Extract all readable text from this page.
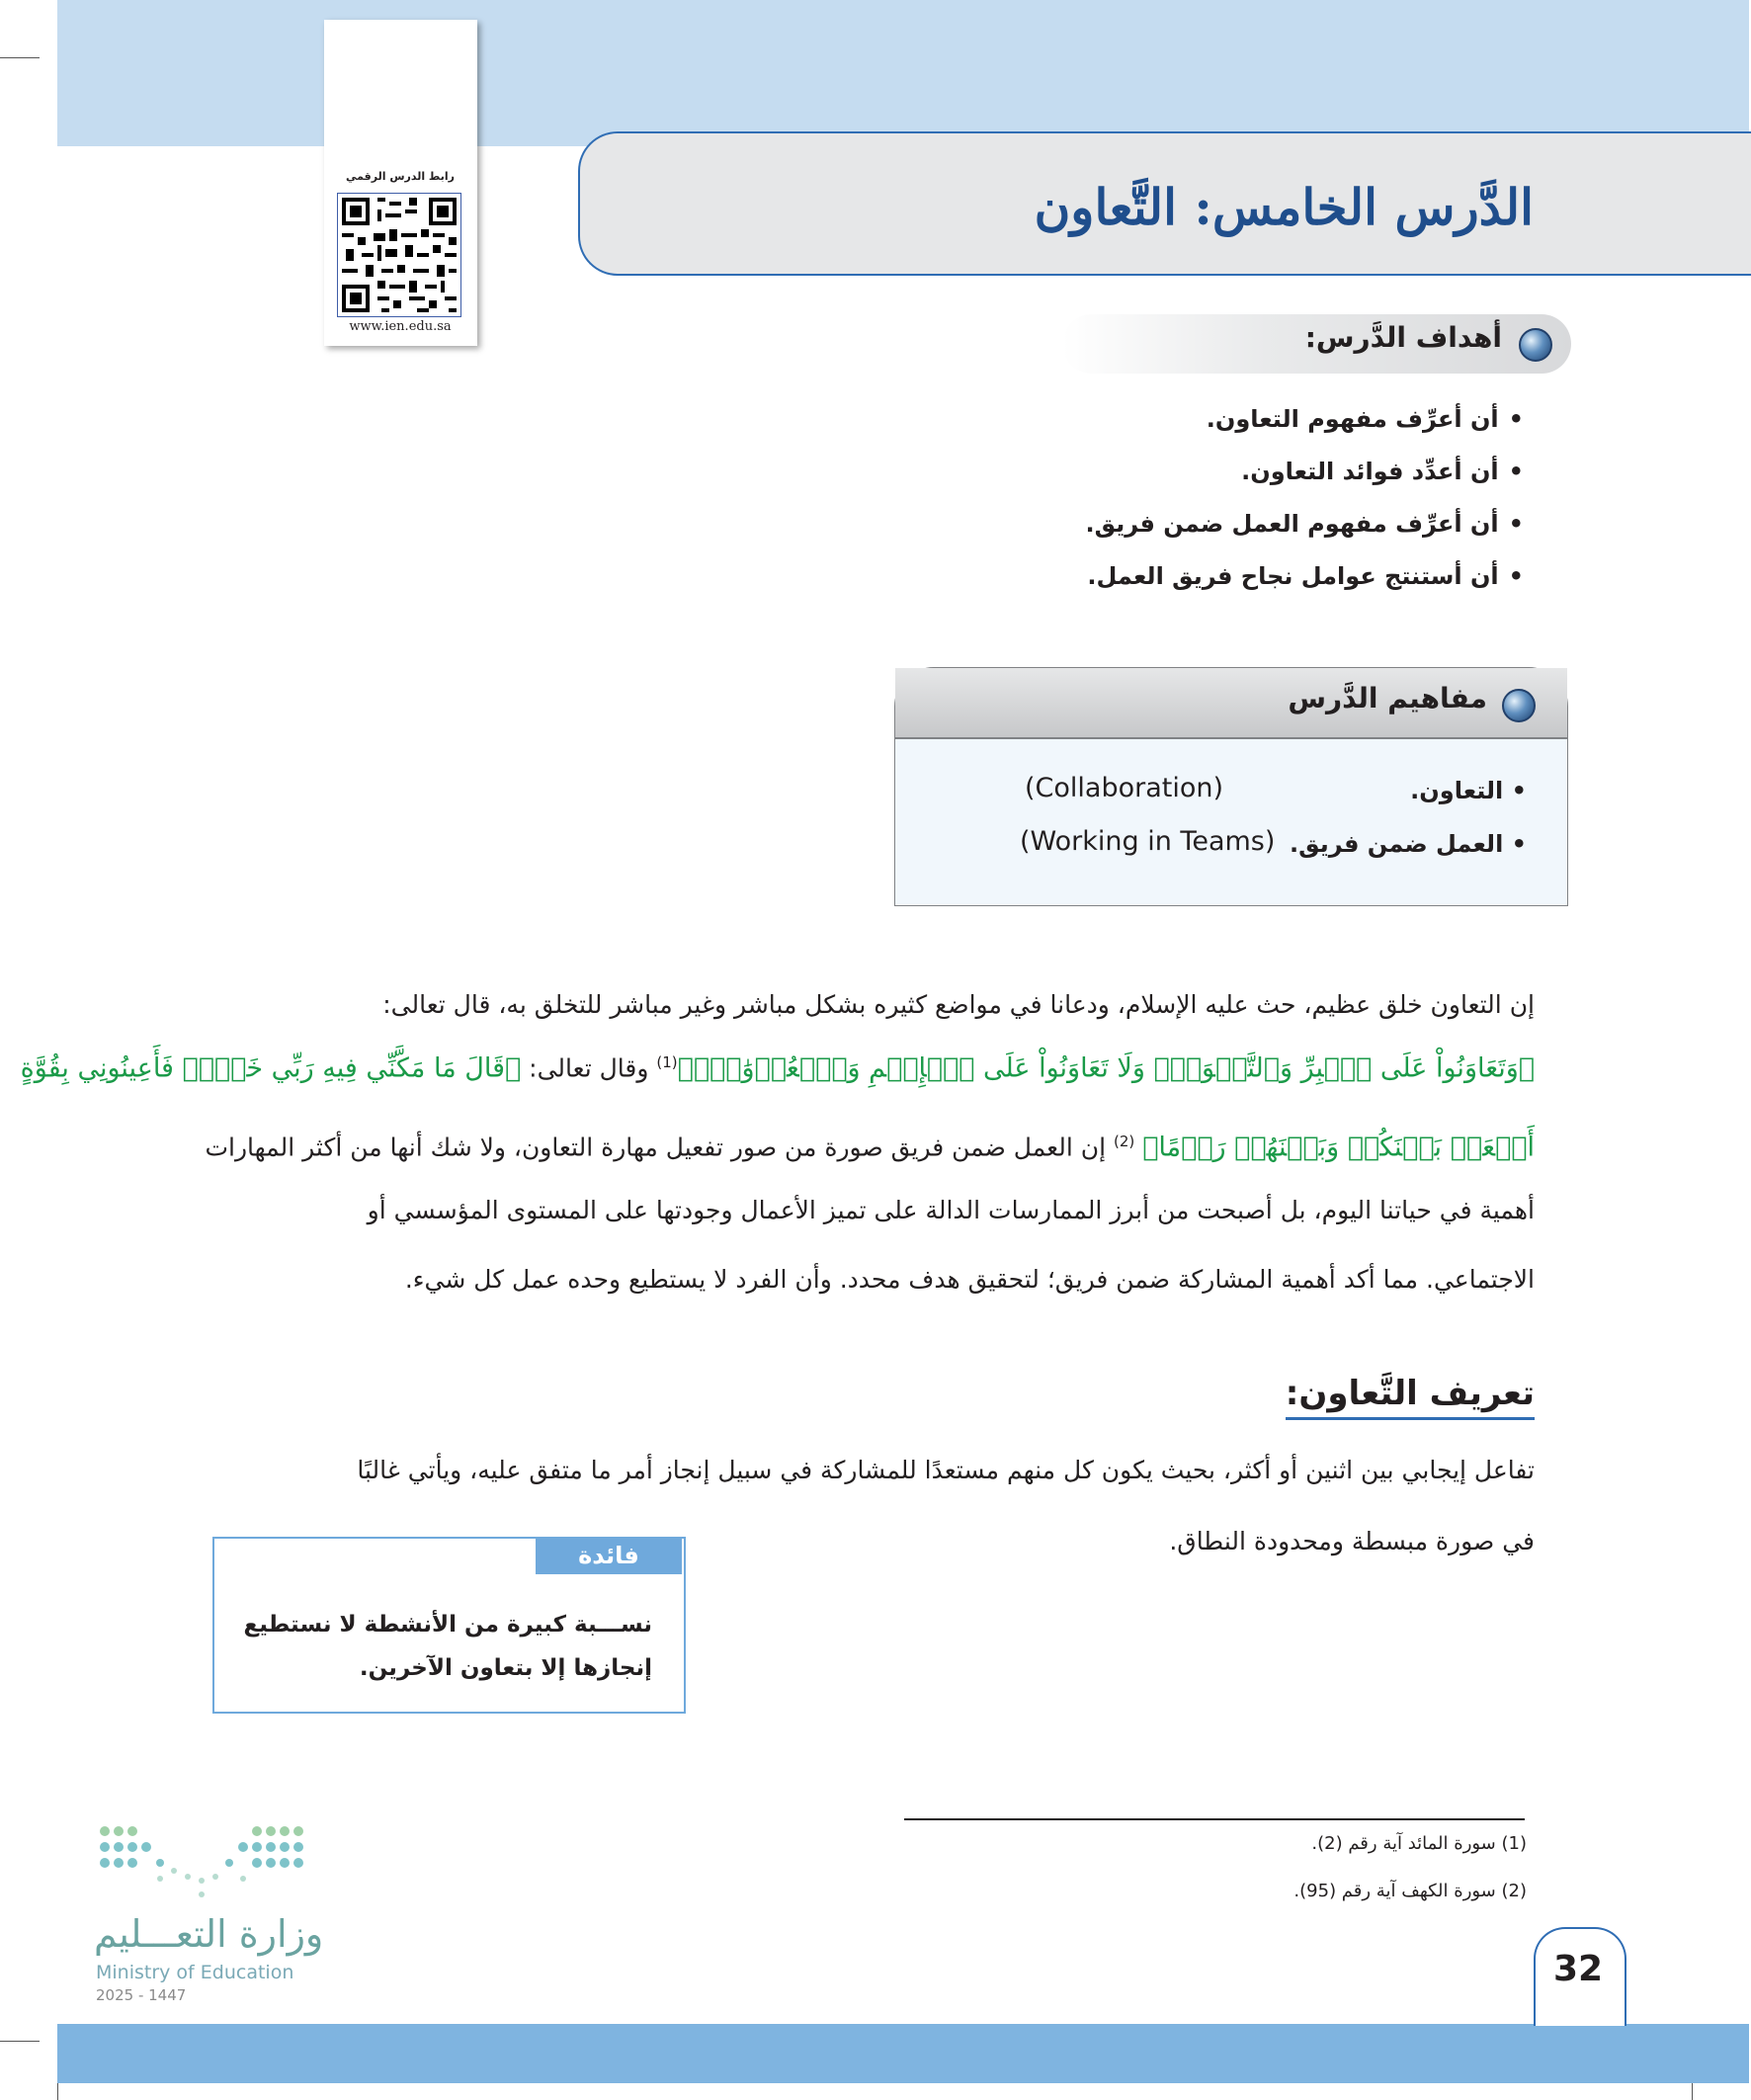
رابط الدرس الرقمي
www.ien.edu.sa
الدَّرس الخامس: التَّعاون
أهداف الدَّرس:
•أن أعرِّف مفهوم التعاون.
•أن أعدِّد فوائد التعاون.
•أن أعرِّف مفهوم العمل ضمن فريق.
•أن أستنتج عوامل نجاح فريق العمل.
مفاهيم الدَّرس
• التعاون.
(Collaboration)
• العمل ضمن فريق.
(Working in Teams)
إن التعاون خلق عظيم، حث عليه الإسلام، ودعانا في مواضع كثيره بشكل مباشر وغير مباشر للتخلق به، قال تعالى:
﴿وَتَعَاوَنُواْ عَلَى ٱلۡبِرِّ وَٱلتَّقۡوَىٰۖ وَلَا تَعَاوَنُواْ عَلَى ٱلۡإِثۡمِ وَٱلۡعُدۡوَٰنِۚ﴾$^{(1)}$ وقال تعالى: ﴿قَالَ مَا مَكَّنِّي فِيهِ رَبِّي خَيۡرٞ فَأَعِينُونِي بِقُوَّةٍ
أَجۡعَلۡ بَيۡنَكُمۡ وَبَيۡنَهُمۡ رَدۡمًا﴾ $^{(2)}$ إن العمل ضمن فريق صورة من صور تفعيل مهارة التعاون، ولا شك أنها من أكثر المهارات
أهمية في حياتنا اليوم، بل أصبحت من أبرز الممارسات الدالة على تميز الأعمال وجودتها على المستوى المؤسسي أو
الاجتماعي. مما أكد أهمية المشاركة ضمن فريق؛ لتحقيق هدف محدد. وأن الفرد لا يستطيع وحده عمل كل شيء.
تعريف التَّعاون:
تفاعل إيجابي بين اثنين أو أكثر، بحيث يكون كل منهم مستعدًا للمشاركة في سبيل إنجاز أمر ما متفق عليه، ويأتي غالبًا
في صورة مبسطة ومحدودة النطاق.
فائدة
نســـبة كبيرة من الأنشطة لا نستطيع
إنجازها إلا بتعاون الآخرين.
(1) سورة المائد آية رقم (2).
(2) سورة الكهف آية رقم (95).
وزارة التعـــليم
Ministry of Education
2025 - 1447
32
